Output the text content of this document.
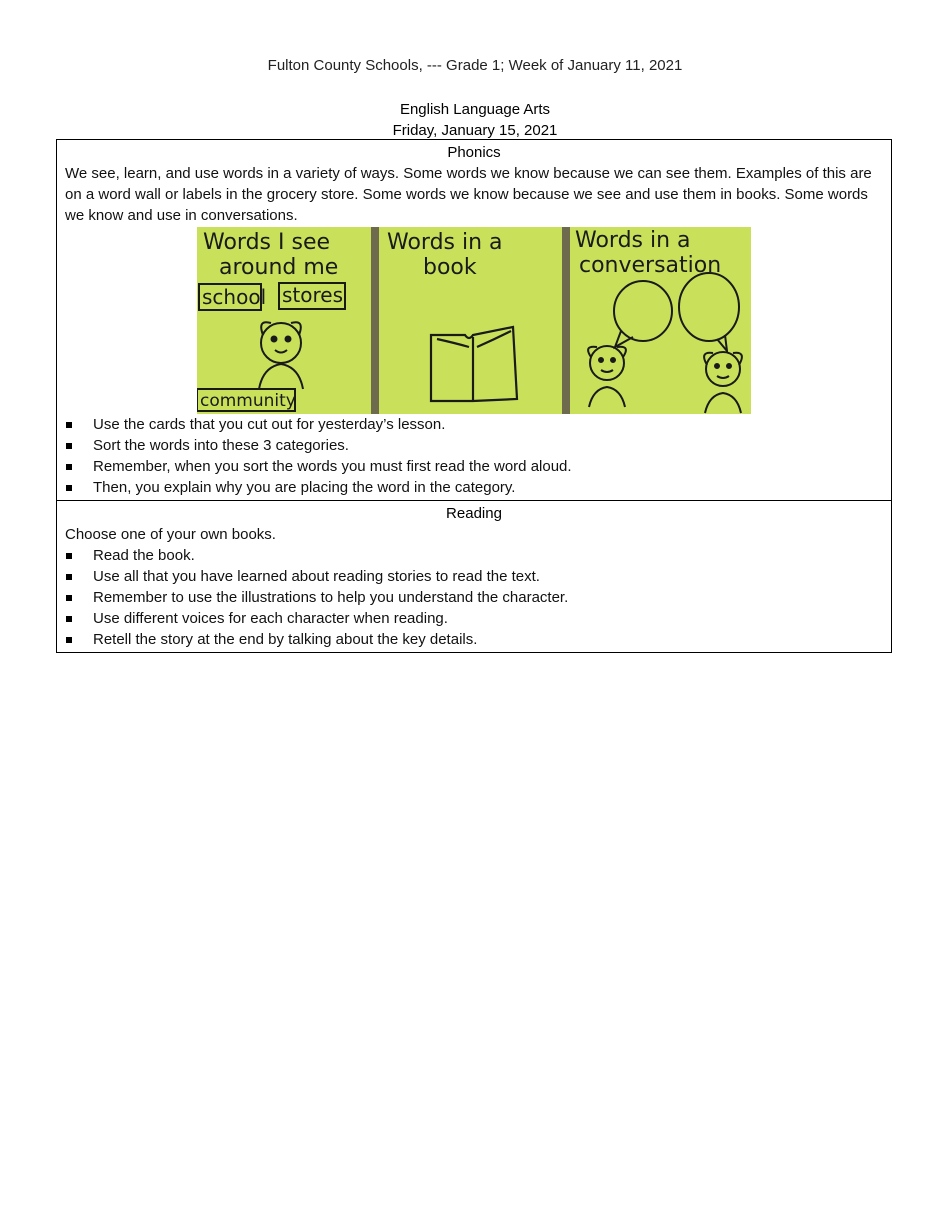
Fulton County Schools, --- Grade 1; Week of January 11, 2021
English Language Arts
Friday, January 15, 2021
Phonics
We see, learn, and use words in a variety of ways. Some words we know because we can see them. Examples of this are on a word wall or labels in the grocery store. Some words we know because we see and use them in books. Some words we know and use in conversations.
Words I see
around me
school stores
community
Words in a
book
Words in a
conversation
Use the cards that you cut out for yesterday’s lesson.
Sort the words into these 3 categories.
Remember, when you sort the words you must first read the word aloud.
Then, you explain why you are placing the word in the category.
Reading
Choose one of your own books.
Read the book.
Use all that you have learned about reading stories to read the text.
Remember to use the illustrations to help you understand the character.
Use different voices for each character when reading.
Retell the story at the end by talking about the key details.
